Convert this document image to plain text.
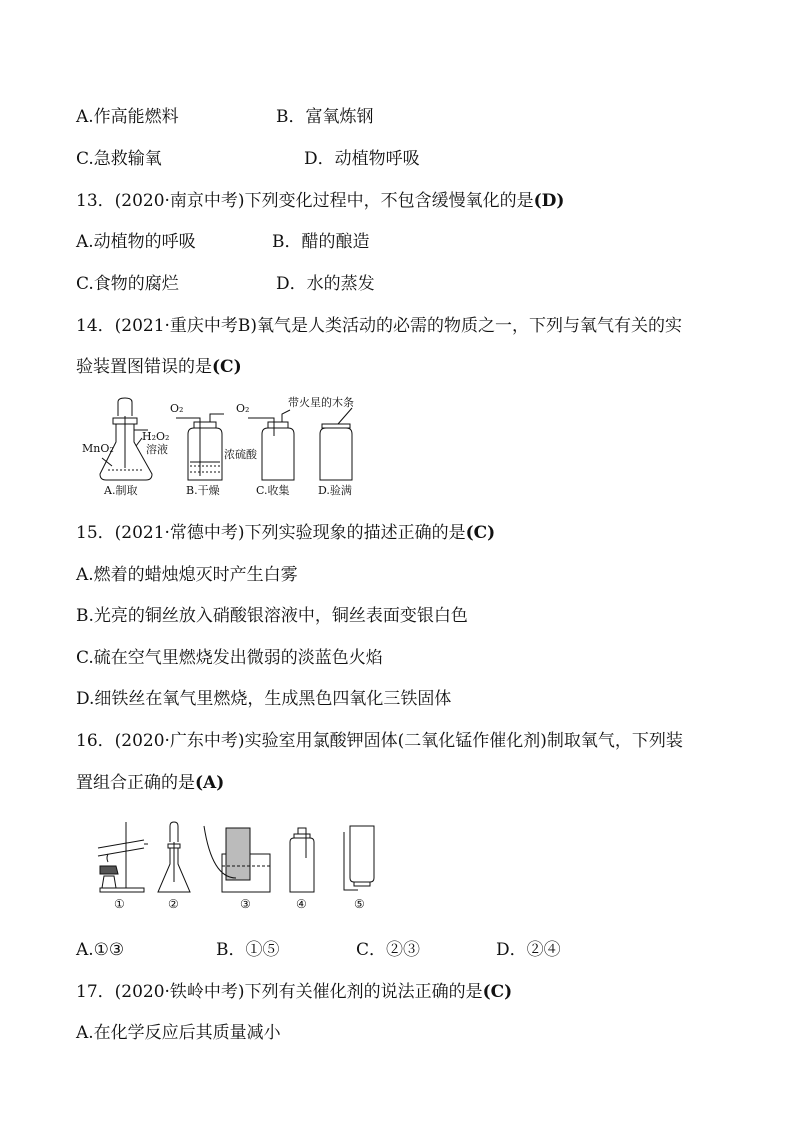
A.作高能燃料	B．富氧炼钢
C.急救输氧	D．动植物呼吸
13．(2020·南京中考)下列变化过程中，不包含缓慢氧化的是(D)
A.动植物的呼吸	B．醋的酿造
C.食物的腐烂	D．水的蒸发
14．(2021·重庆中考B)氧气是人类活动的必需的物质之一，下列与氧气有关的实
验装置图错误的是(C)
MnO₂
H₂O₂
溶液
O₂	O₂
浓硫酸
带火星的木条
A.制取	B.干燥	C.收集	D.验满
15．(2021·常德中考)下列实验现象的描述正确的是(C)
A.燃着的蜡烛熄灭时产生白雾
B.光亮的铜丝放入硝酸银溶液中，铜丝表面变银白色
C.硫在空气里燃烧发出微弱的淡蓝色火焰
D.细铁丝在氧气里燃烧，生成黑色四氧化三铁固体
16．(2020·广东中考)实验室用氯酸钾固体(二氧化锰作催化剂)制取氧气，下列装
置组合正确的是(A)
①	②	③	④	⑤
A.①③	B．①⑤	C．②③	D．②④
17．(2020·铁岭中考)下列有关催化剂的说法正确的是(C)
A.在化学反应后其质量减小
